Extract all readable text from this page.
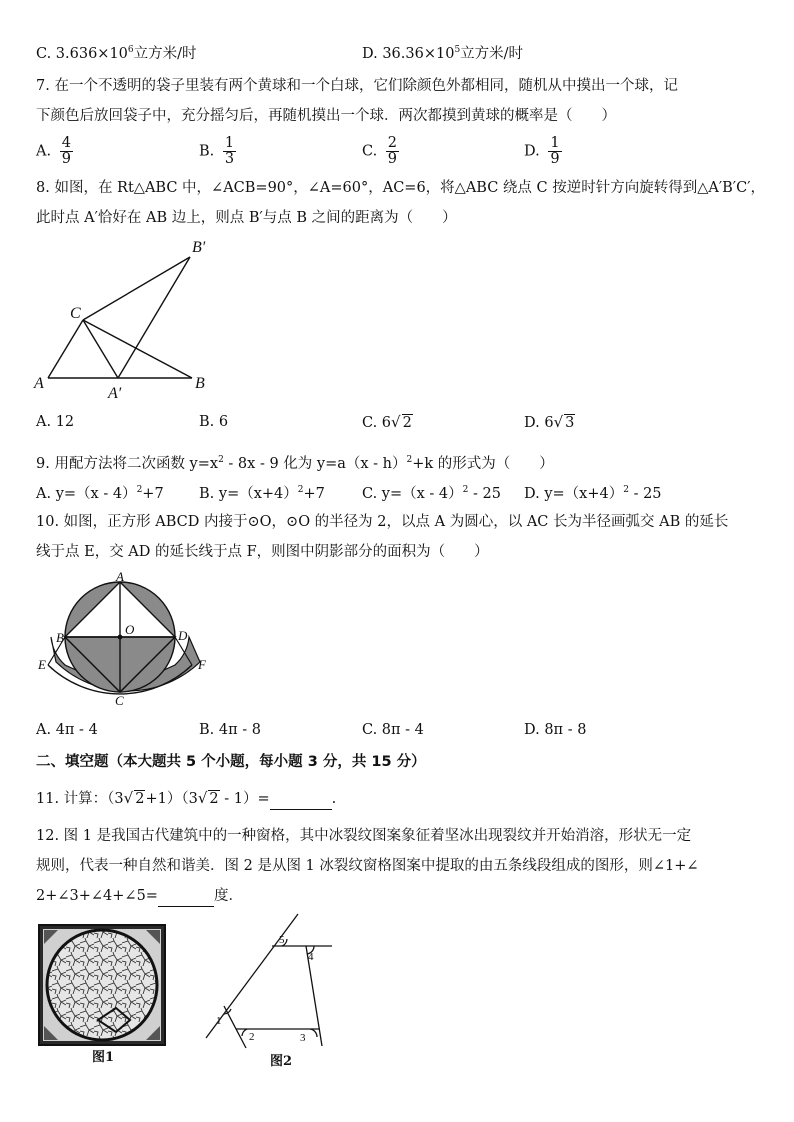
C. $3.636\times 10^6$立方米/时	D. $36.36\times 10^5$立方米/时
7. 在一个不透明的袋子里装有两个黄球和一个白球，它们除颜色外都相同，随机从中摸出一个球，记
下颜色后放回袋子中，充分摇匀后，再随机摸出一个球．两次都摸到黄球的概率是（　　）
A. $\frac{4}{9}$	B. $\frac{1}{3}$	C. $\frac{2}{9}$	D. $\frac{1}{9}$
8. 如图，在 Rt△ABC 中，∠ACB=90°，∠A=60°，AC=6，将△ABC 绕点 C 按逆时针方向旋转得到△A′B′C′，
此时点 A′恰好在 AB 边上，则点 B′与点 B 之间的距离为（　　）
A	B
C
A′
B′
A. 12	B. 6	C. 6√ 2	D. 6√ 3
9. 用配方法将二次函数 $y=x^2 - 8x - 9$ 化为 y=a（x - h）$^2$+k 的形式为（　　）
A. y=（x - 4）$^2$+7 B. $y=(x+4)^2+7$	C. y=（x - 4）$^2$ - 25 D. $y=(x+4)^2 - 25$
10. 如图，正方形 ABCD 内接于⊙O，⊙O 的半径为 2，以点 A 为圆心，以 AC 长为半径画弧交 AB 的延长
线于点 E，交 AD 的延长线于点 F，则图中阴影部分的面积为（　　）
A
B
C
D
E	F
O
A. 4π - 4	B. 4π - 8	C. 8π - 4	D. 8π - 8
二、填空题（本大题共 5 个小题，每小题 3 分，共 15 分）
11. 计算：（3√ 2+1）（3√ 2 - 1）=	.
12. 图 1 是我国古代建筑中的一种窗格，其中冰裂纹图案象征着坚冰出现裂纹并开始消溶，形状无一定
规则，代表一种自然和谐美．图 2 是从图 1 冰裂纹窗格图案中提取的由五条线段组成的图形，则∠1+∠
2+∠3+∠4+∠5=	度．
图1
1
2	3
4
5
图2
